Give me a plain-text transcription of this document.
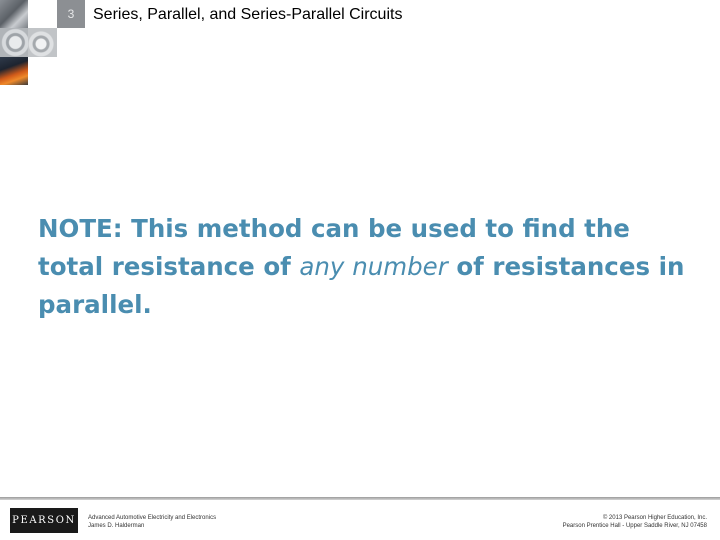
3	Series, Parallel, and Series-Parallel Circuits
NOTE: This method can be used to find the total resistance of any number of resistances in parallel.
PEARSON Advanced Automotive Electricity and Electronics
James D. Halderman
© 2013 Pearson Higher Education, Inc.
Pearson Prentice Hall - Upper Saddle River, NJ 07458
